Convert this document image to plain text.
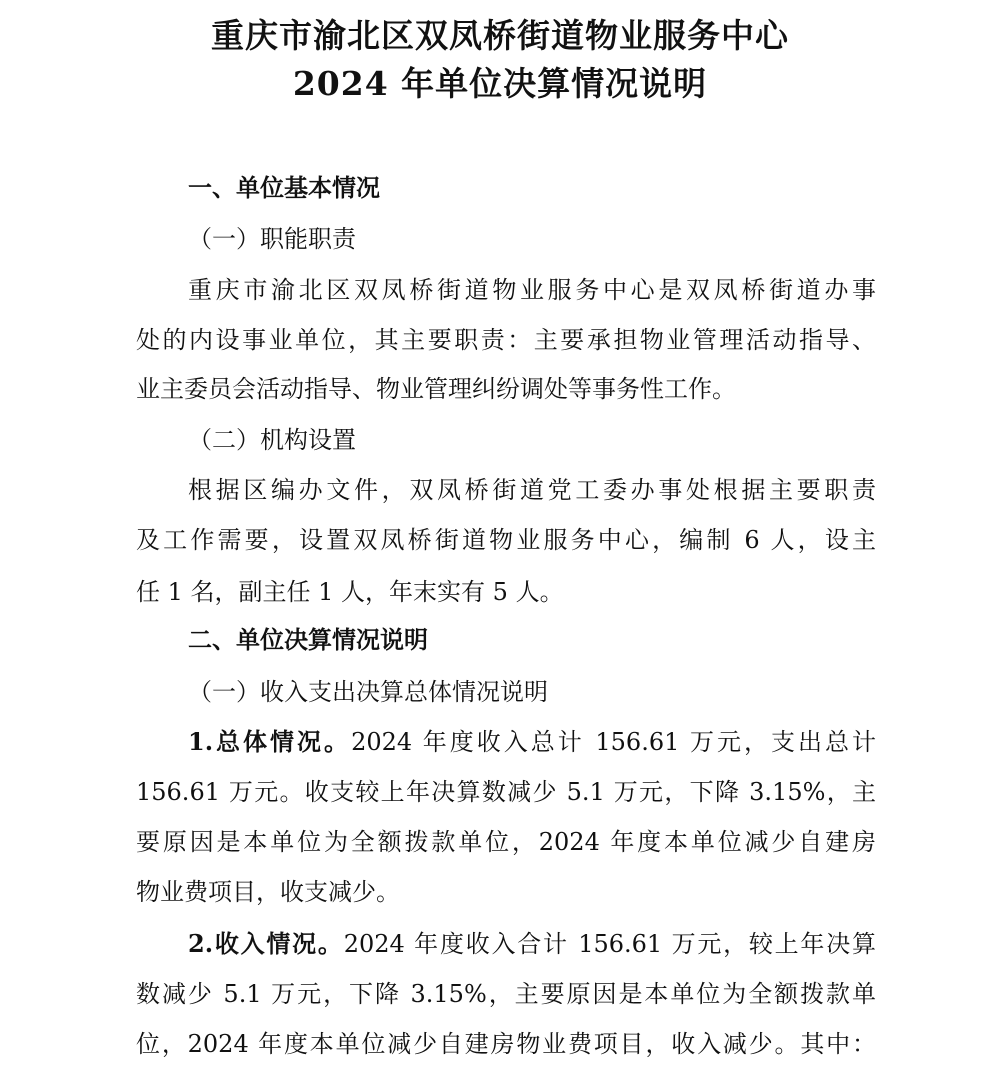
重庆市渝北区双凤桥街道物业服务中心

2024 年单位决算情况说明

一、单位基本情况

（一）职能职责

重庆市渝北区双凤桥街道物业服务中心是双凤桥街道办事

处的内设事业单位，其主要职责：主要承担物业管理活动指导、

业主委员会活动指导、物业管理纠纷调处等事务性工作。

（二）机构设置

根据区编办文件，双凤桥街道党工委办事处根据主要职责

及工作需要，设置双凤桥街道物业服务中心，编制 6 人，设主

任 1 名，副主任 1 人，年末实有 5 人。

二、单位决算情况说明

（一）收入支出决算总体情况说明

1.总体情况。2024 年度收入总计 156.61 万元，支出总计

156.61 万元。收支较上年决算数减少 5.1 万元，下降 3.15%，主

要原因是本单位为全额拨款单位，2024 年度本单位减少自建房

物业费项目，收支减少。

2.收入情况。2024 年度收入合计 156.61 万元，较上年决算

数减少 5.1 万元，下降 3.15%，主要原因是本单位为全额拨款单

位，2024 年度本单位减少自建房物业费项目，收入减少。其中：
